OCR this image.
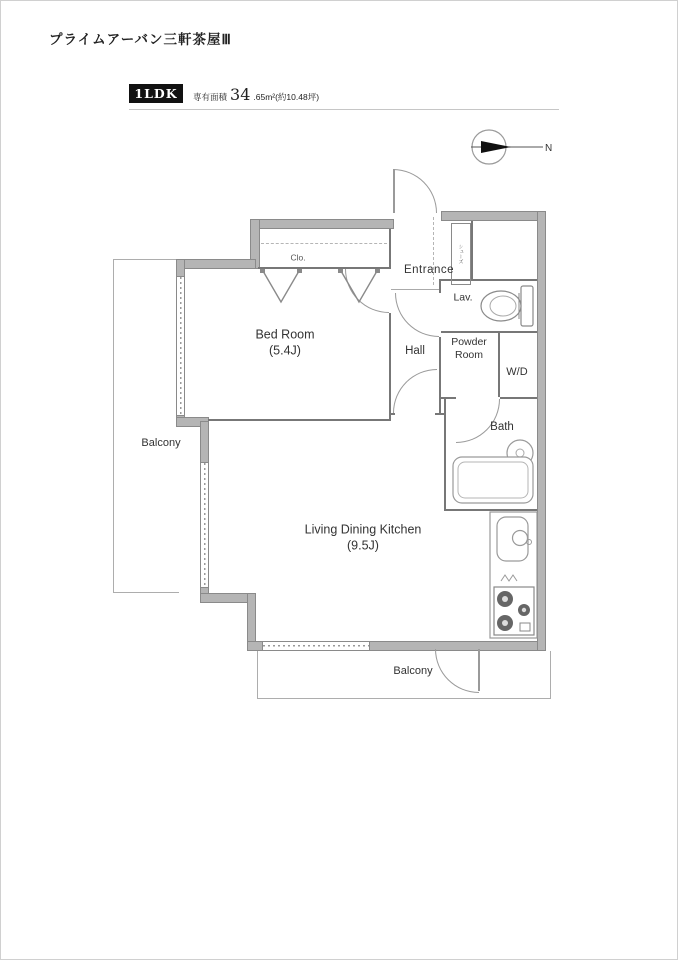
プライムアーバン三軒茶屋Ⅲ
1LDK	専有面積 34 .65m²(約10.48坪)
N
シューズ
Entrance
Lav.
Hall
Powder
Room
W/D
Bath
Bed Room
(5.4J)
Clo.
Balcony
Living Dining Kitchen
(9.5J)
Balcony
